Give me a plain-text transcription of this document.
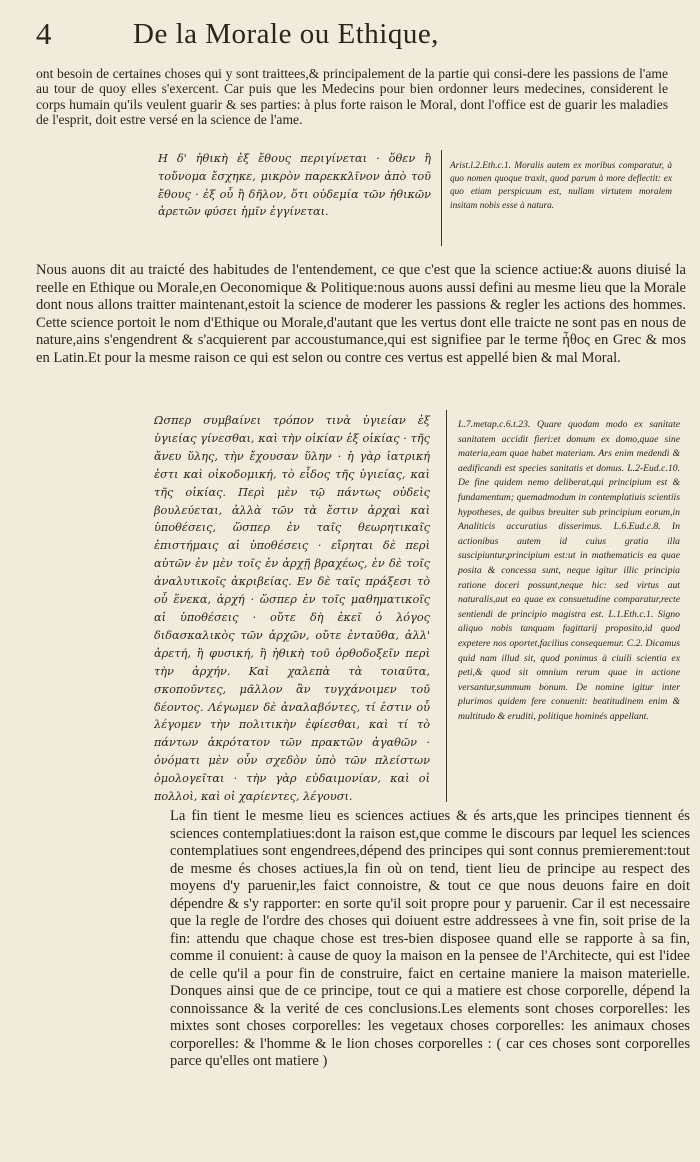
4	De la Morale ou Ethique,

ont besoin de certaines choses qui y sont traittees,& principalement de la partie qui consi-dere les passions de l'ame au tour de quoy elles s'exercent. Car puis que les Medecins pour bien ordonner leurs medecines, considerent le corps humain qu'ils veulent guarir & ses parties: à plus forte raison le Moral, dont l'office est de guarir les maladies de l'esprit, doit estre versé en la science de l'ame.

Η δ' ἠθικὴ ἐξ ἔθους περιγίνεται · ὅθεν ἢ τοὔνομα ἔσχηκε, μικρὸν παρεκκλῖνον ἀπὸ τοῦ ἔθους · ἐξ οὗ ἢ δῆλον, ὅτι οὐδεμία τῶν ἠθικῶν ἀρετῶν φύσει ἡμῖν ἐγγίνεται.

Arist.l.2.Eth.c.1. Moralis autem ex moribus comparatur, à quo nomen quoque traxit, quod parum à more deflectit: ex quo etiam perspicuum est, nullam virtutem moralem insitam nobis esse à natura.

Nous auons dit au traicté des habitudes de l'entendement, ce que c'est que la science actiue:& auons diuisé la reelle en Ethique ou Morale,en Oeconomique & Politique:nous auons aussi defini au mesme lieu que la Morale dont nous allons traitter maintenant,estoit la science de moderer les passions & regler les actions des hommes. Cette science portoit le nom d'Ethique ou Morale,d'autant que les vertus dont elle traicte ne sont pas en nous de nature,ains s'engendrent & s'acquierent par accoustumance,qui est signifiee par le terme ἦθος en Grec & mos en Latin.Et pour la mesme raison ce qui est selon ou contre ces vertus est appellé bien & mal Moral.

Ωσπερ συμβαίνει τρόπον τινὰ ὑγιείαν ἐξ ὑγιείας γίνεσθαι, καὶ τὴν οἰκίαν ἐξ οἰκίας · τῆς ἄνευ ὕλης, τὴν ἔχουσαν ὕλην · ἡ γὰρ ἰατρική ἐστι καὶ οἰκοδομική, τὸ εἶδος τῆς ὑγιείας, καὶ τῆς οἰκίας. Περὶ μὲν τῷ πάντως οὐδεὶς βουλεύεται, ἀλλὰ τῶν τὰ ἔστιν ἀρχαὶ καὶ ὑποθέσεις, ὥσπερ ἐν ταῖς θεωρητικαῖς ἐπιστήμαις αἱ ὑποθέσεις · εἴρηται δὲ περὶ αὐτῶν ἐν μὲν τοῖς ἐν ἀρχῇ βραχέως, ἐν δὲ τοῖς ἀναλυτικοῖς ἀκριβείας. Εν δὲ ταῖς πράξεσι τὸ οὗ ἕνεκα, ἀρχή · ὥσπερ ἐν τοῖς μαθηματικοῖς αἱ ὑποθέσεις · οὔτε δὴ ἐκεῖ ὁ λόγος διδασκαλικὸς τῶν ἀρχῶν, οὔτε ἐνταῦθα, ἀλλ' ἀρετή, ἢ φυσική, ἢ ἠθικὴ τοῦ ὀρθοδοξεῖν περὶ τὴν ἀρχήν. Καὶ χαλεπὰ τὰ τοιαῦτα, σκοποῦντες, μᾶλλον ἂν τυγχάνοιμεν τοῦ δέοντος. Λέγωμεν δὲ ἀναλαβόντες, τί ἐστιν οὗ λέγομεν τὴν πολιτικὴν ἐφίεσθαι, καὶ τί τὸ πάντων ἀκρότατον τῶν πρακτῶν ἀγαθῶν · ὀνόματι μὲν οὖν σχεδὸν ὑπὸ τῶν πλείστων ὁμολογεῖται · τὴν γὰρ εὐδαιμονίαν, καὶ οἱ πολλοὶ, καὶ οἱ χαρίεντες, λέγουσι.

L.7.metap.c.6.t.23. Quare quodam modo ex sanitate sanitatem accidit fieri:et domum ex domo,quae sine materia,eam quae habet materiam. Ars enim medendi & aedificandi est species sanitatis et domus. L.2-Eud.c.10. De fine quidem nemo deliberat,qui principium est & fundamentum; quemadmodum in contemplatiuis scientiis hypotheses, de quibus breuiter sub principium eorum,in Analiticis accuratius disserimus. L.6.Eud.c.8. In actionibus autem id cuius gratia illa suscipiuntur,principium est:ut in mathematicis ea quae posita & concessa sunt, neque igitur illic principia ratione doceri possunt,neque hic: sed virtus aut naturalis,aut ea quae ex consuetudine comparatur,recte sentiendi de principio magistra est. L.1.Eth.c.1. Signo aliquo nobis tanquam fagittarij proposito,id quod expetere nos oportet,facilius consequemur. C.2. Dicamus quid nam illud sit, quod ponimus à ciuili scientia ex peti,& quod sit omnium rerum quae in actione versantur,summum bonum. De nomine igitur inter plurimos quidem fere conuenit: beatitudinem enim & multitudo & eruditi, politique hominés appellant.

La fin tient le mesme lieu es sciences actiues & és arts,que les principes tiennent és sciences contemplatiues:dont la raison est,que comme le discours par lequel les sciences contemplatiues sont engendrees,dépend des principes qui sont connus premierement:tout de mesme és choses actiues,la fin où on tend, tient lieu de principe au respect des moyens d'y paruenir,les faict connoistre, & tout ce que nous deuons faire en doit dépendre & s'y rapporter: en sorte qu'il soit propre pour y paruenir. Car il est necessaire que la regle de l'ordre des choses qui doiuent estre addressees à vne fin, soit prise de la fin: attendu que chaque chose est tres-bien disposee quand elle se rapporte à sa fin, comme il conuient: à cause de quoy la maison en la pensee de l'Architecte, qui est l'idee de celle qu'il a pour fin de construire, faict en certaine maniere la maison materielle. Donques ainsi que de ce principe, tout ce qui a matiere est chose corporelle, dépend la connoissance & la verité de ces conclusions.Les elements sont choses corporelles: les mixtes sont choses corporelles: les vegetaux choses corporelles: les animaux choses corporelles: & l'homme & le lion choses corporelles : ( car ces choses sont corporelles parce qu'elles ont matiere )
